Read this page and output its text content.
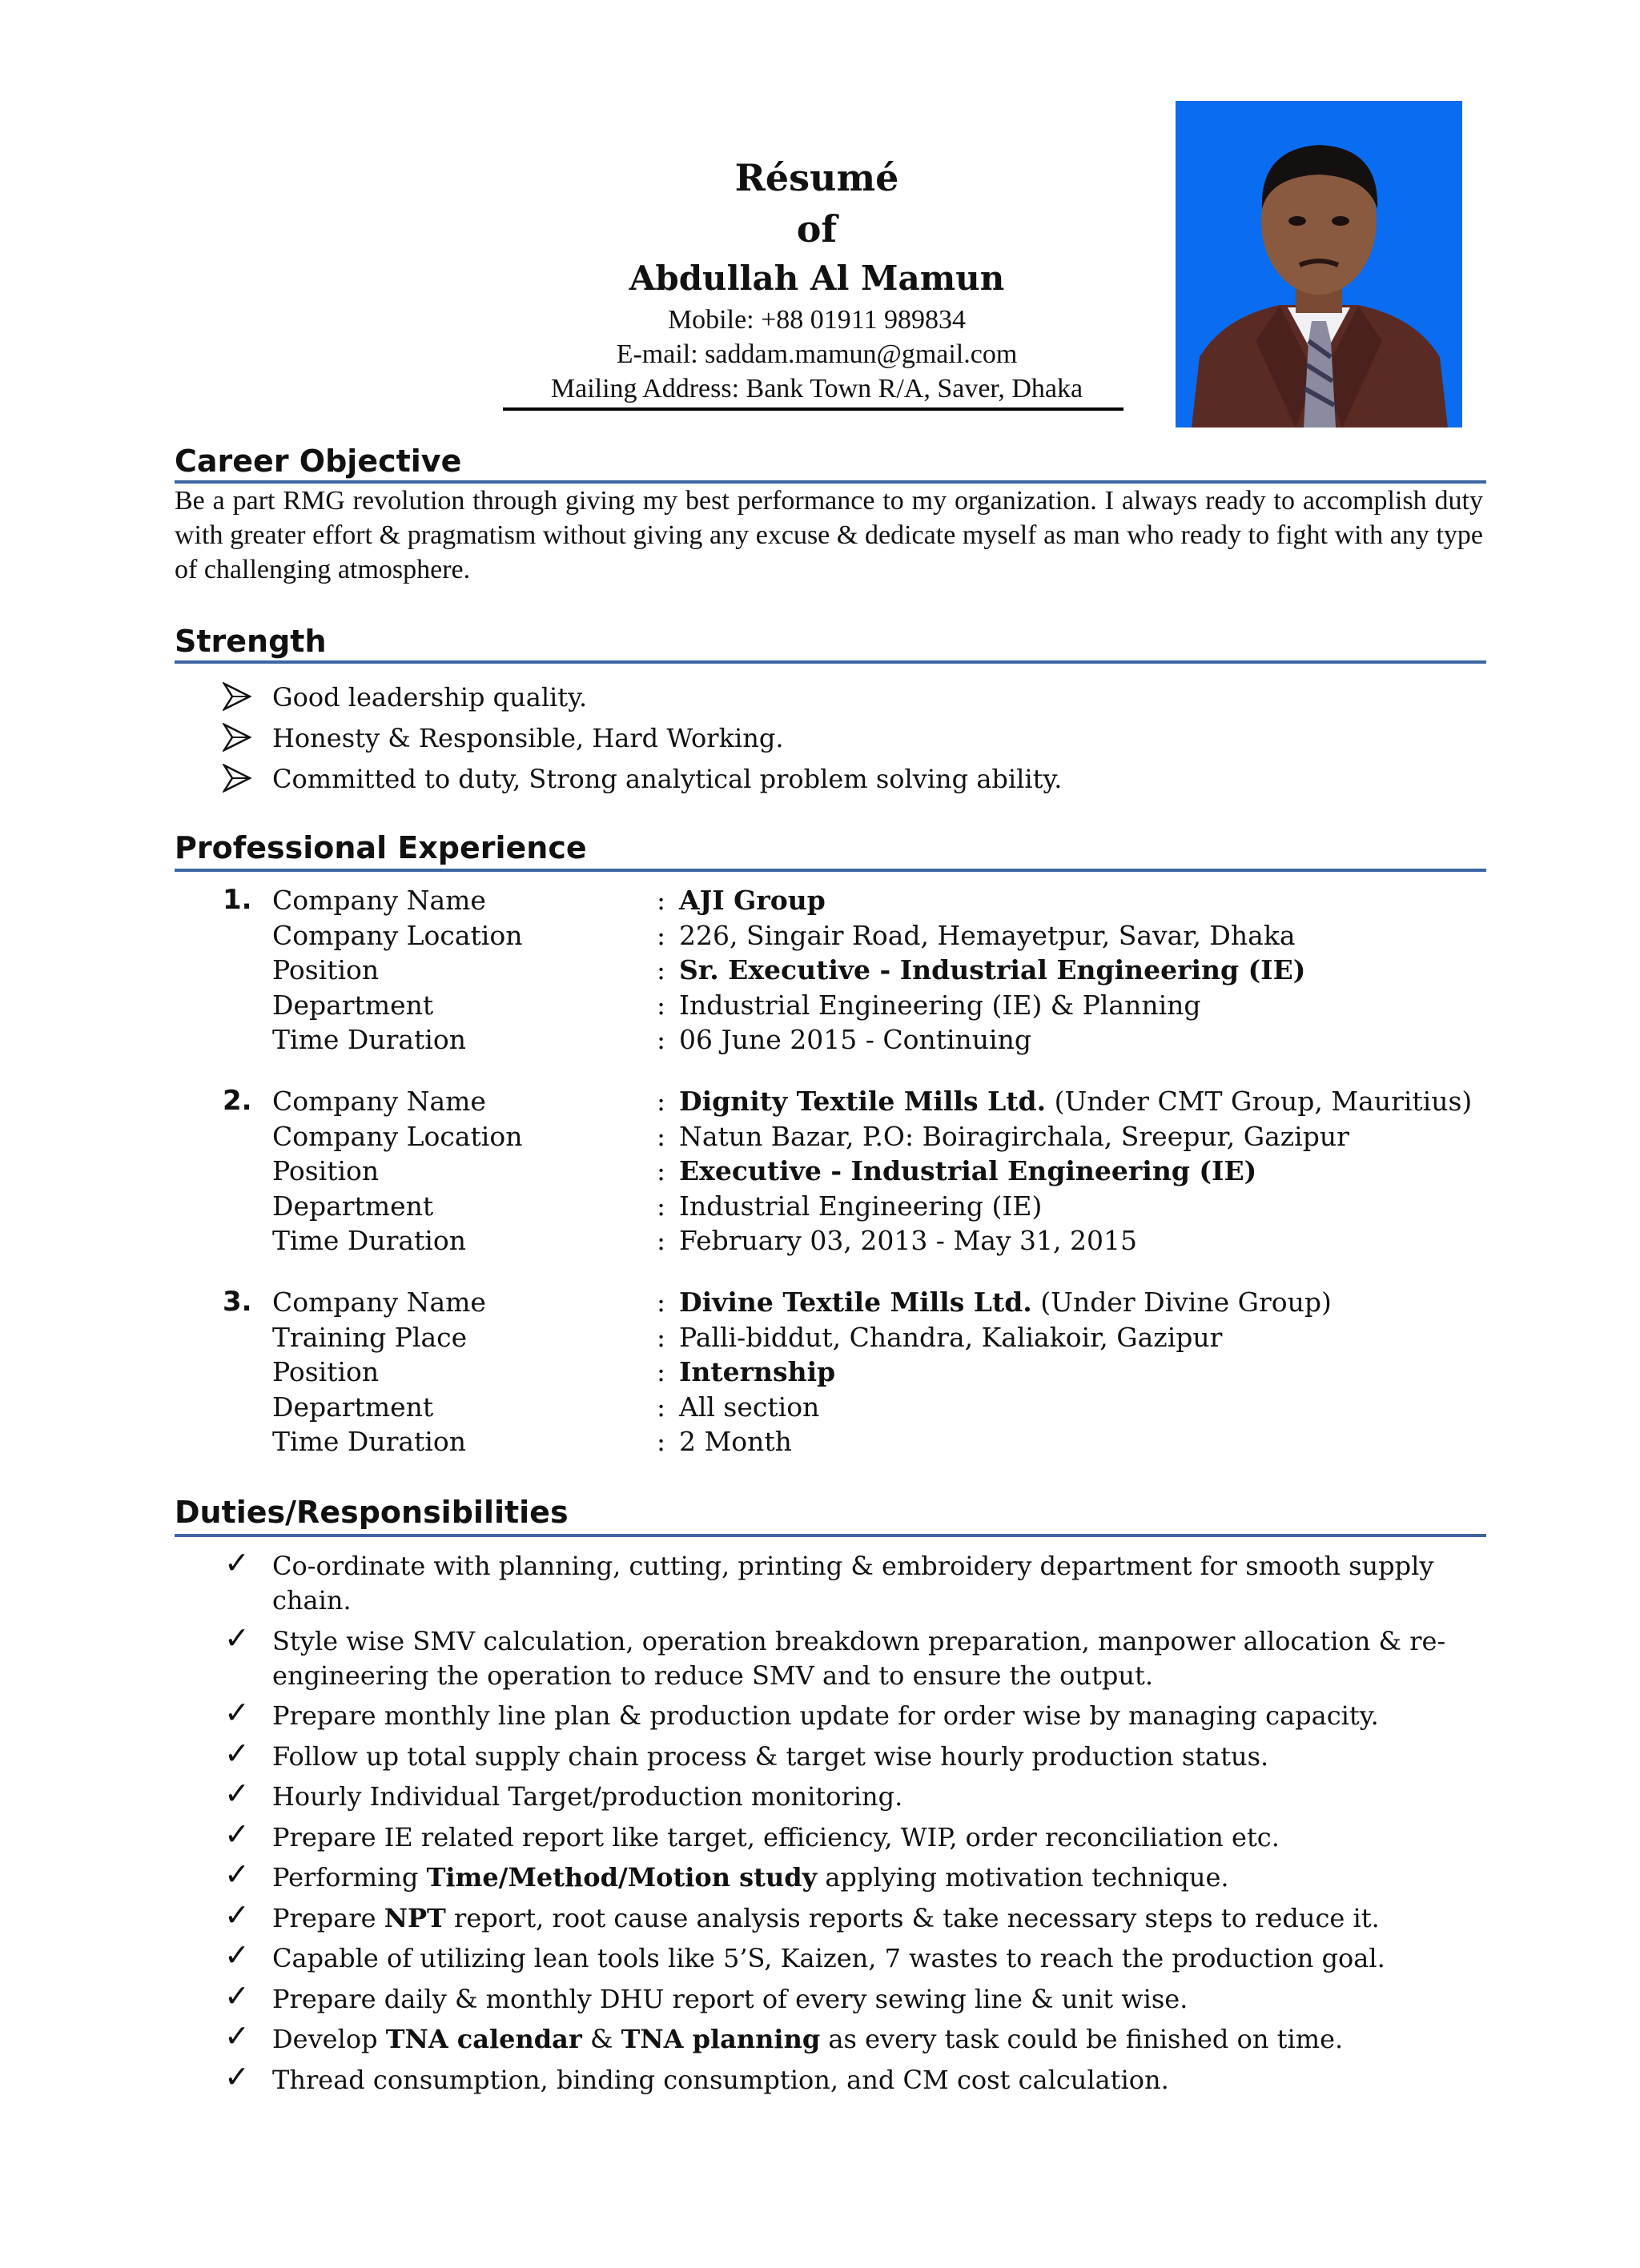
Résumé
of
Abdullah Al Mamun
Mobile: +88 01911 989834
E-mail: saddam.mamun@gmail.com
Mailing Address: Bank Town R/A, Saver, Dhaka
Career Objective
Be a part RMG revolution through giving my best performance to my organization. I always ready to accomplish duty with greater effort & pragmatism without giving any excuse & dedicate myself as man who ready to fight with any type of challenging atmosphere.
Strength
Good leadership quality.
Honesty & Responsible, Hard Working.
Committed to duty, Strong analytical problem solving ability.
Professional Experience
1. Company Name	: AJI Group
Company Location	: 226, Singair Road, Hemayetpur, Savar, Dhaka
Position	: Sr. Executive - Industrial Engineering (IE)
Department	: Industrial Engineering (IE) & Planning
Time Duration	: 06 June 2015 - Continuing
2. Company Name	: Dignity Textile Mills Ltd. (Under CMT Group, Mauritius)
Company Location	: Natun Bazar, P.O: Boiragirchala, Sreepur, Gazipur
Position	: Executive - Industrial Engineering (IE)
Department	: Industrial Engineering (IE)
Time Duration	: February 03, 2013 - May 31, 2015
3. Company Name	: Divine Textile Mills Ltd. (Under Divine Group)
Training Place	: Palli-biddut, Chandra, Kaliakoir, Gazipur
Position	: Internship
Department	: All section
Time Duration	: 2 Month
Duties/Responsibilities
✓ Co-ordinate with planning, cutting, printing & embroidery department for smooth supply chain.
✓ Style wise SMV calculation, operation breakdown preparation, manpower allocation & re-engineering the operation to reduce SMV and to ensure the output.
✓ Prepare monthly line plan & production update for order wise by managing capacity.
✓ Follow up total supply chain process & target wise hourly production status.
✓ Hourly Individual Target/production monitoring.
✓ Prepare IE related report like target, efficiency, WIP, order reconciliation etc.
✓ Performing Time/Method/Motion study applying motivation technique.
✓ Prepare NPT report, root cause analysis reports & take necessary steps to reduce it.
✓ Capable of utilizing lean tools like 5’S, Kaizen, 7 wastes to reach the production goal.
✓ Prepare daily & monthly DHU report of every sewing line & unit wise.
✓ Develop TNA calendar & TNA planning as every task could be finished on time.
✓ Thread consumption, binding consumption, and CM cost calculation.
